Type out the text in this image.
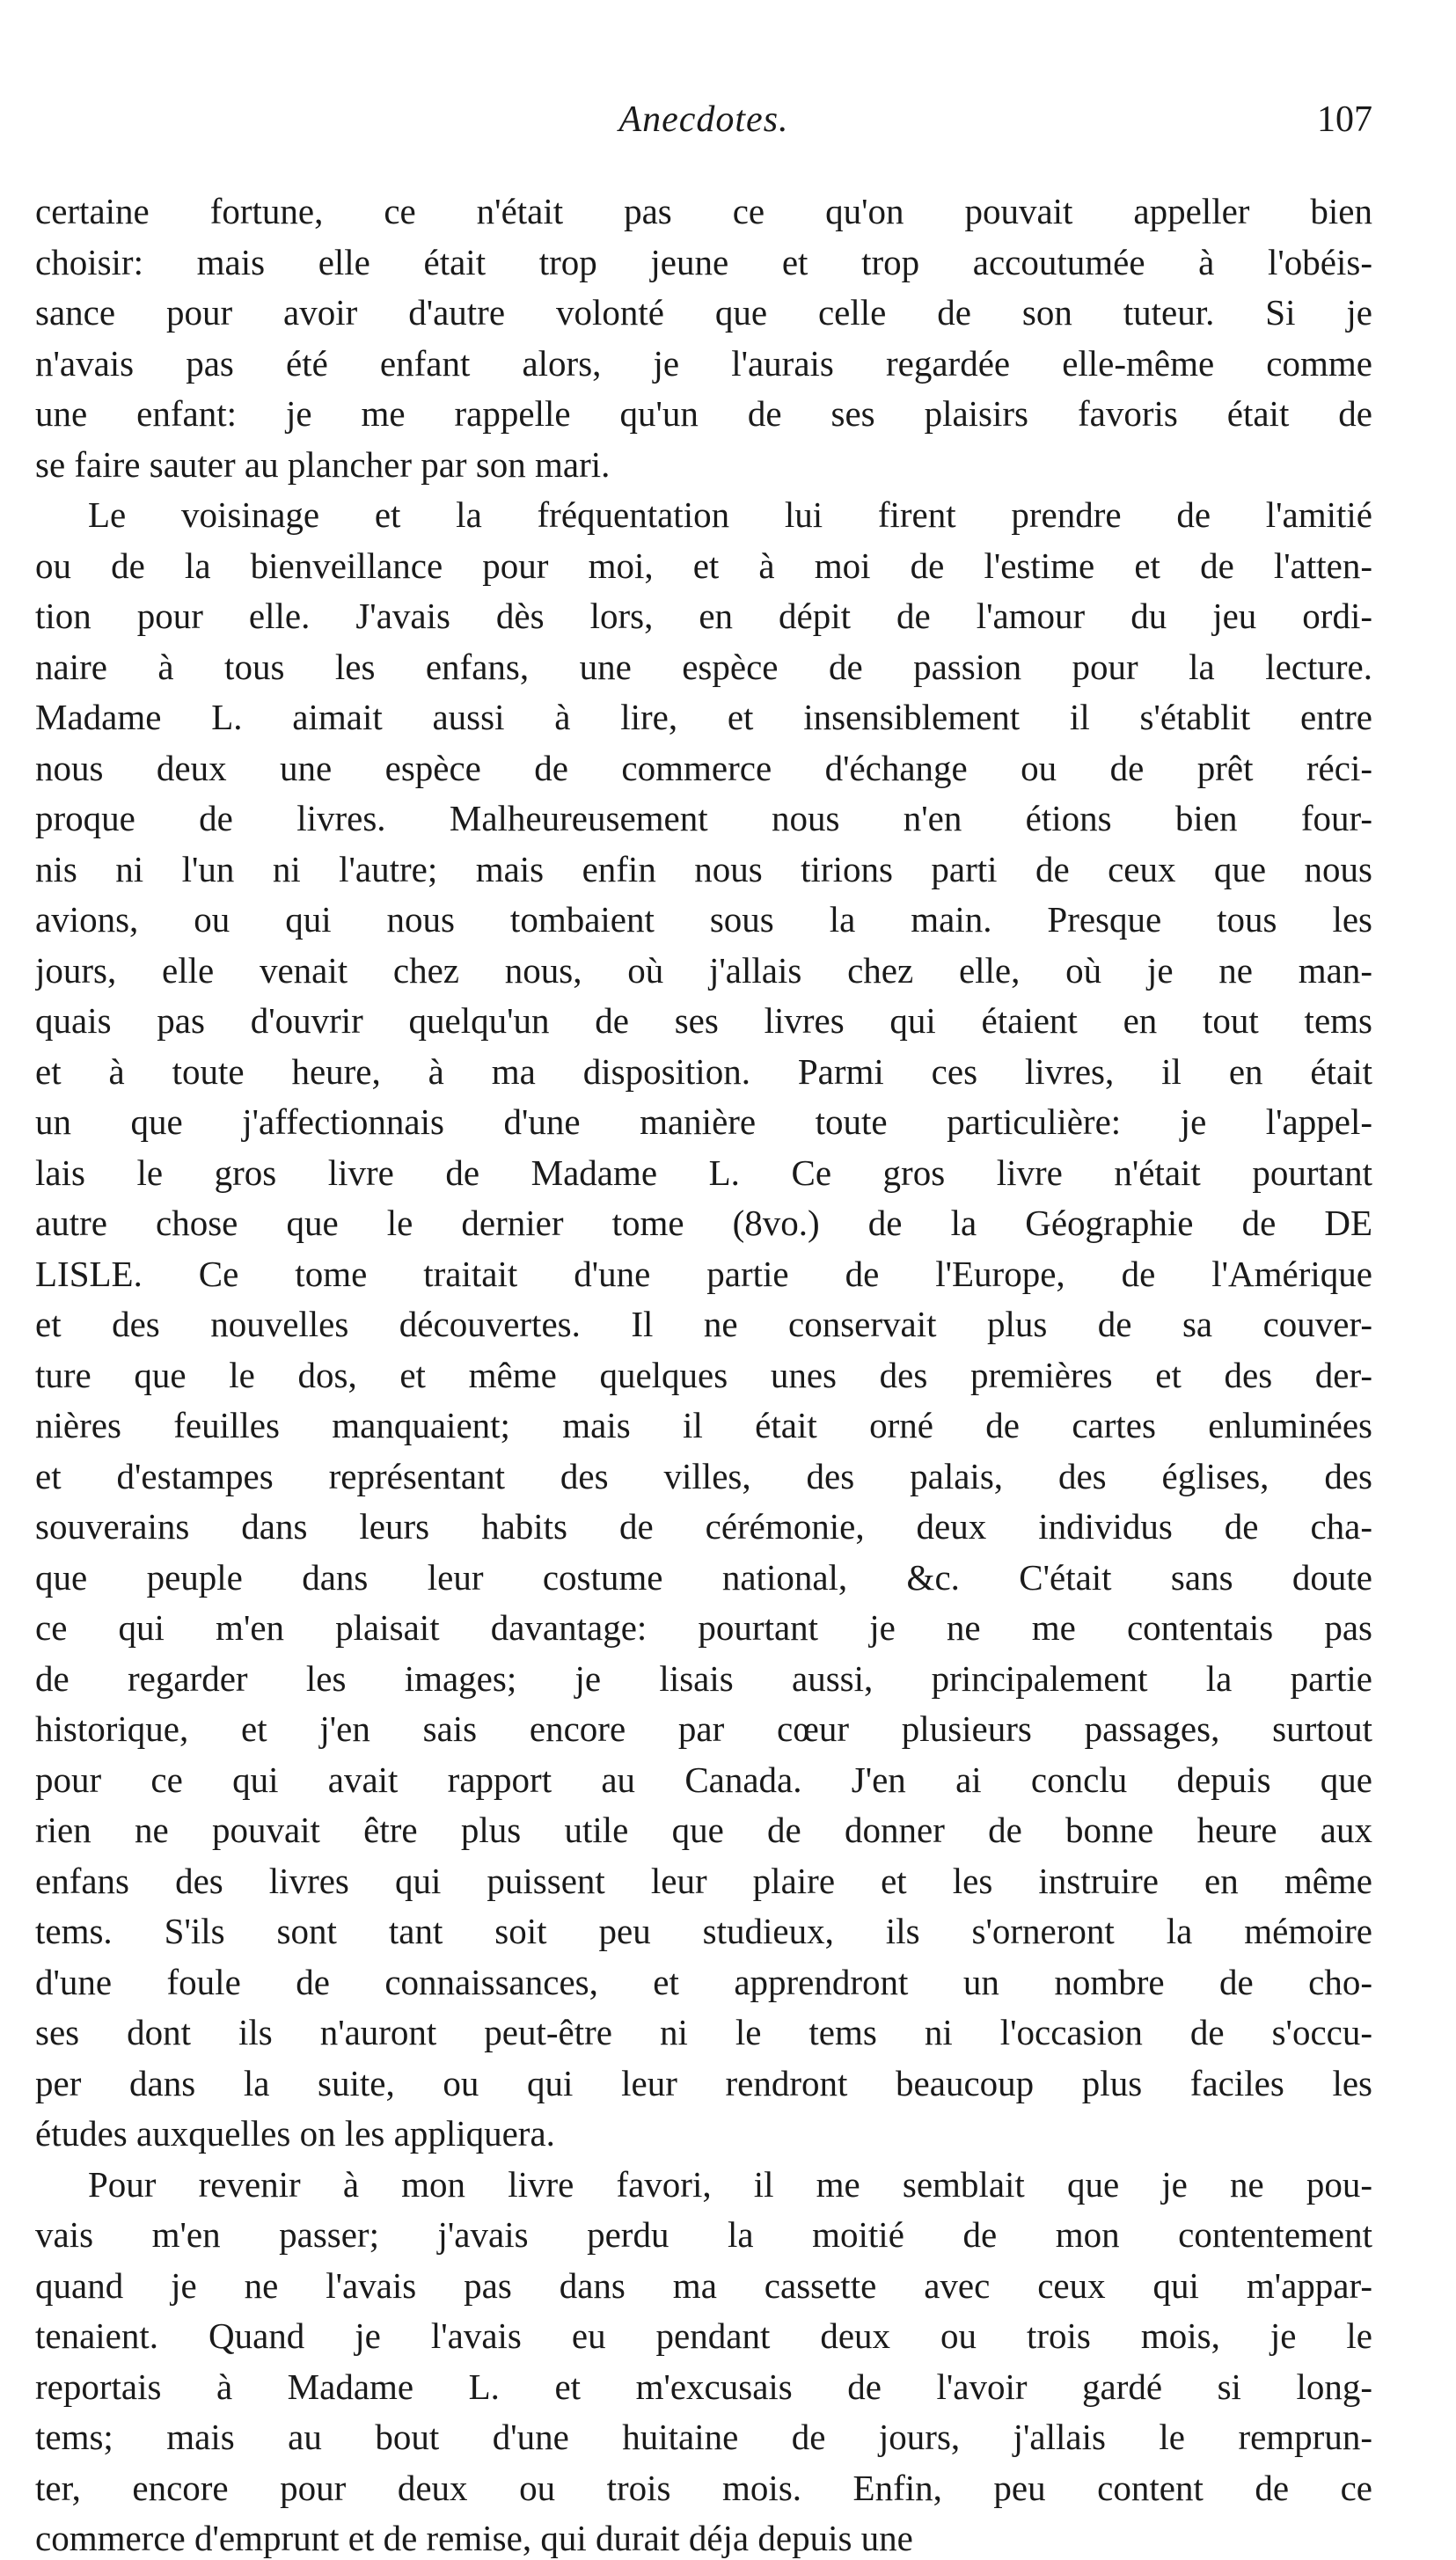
Anecdotes.	107
certaine fortune, ce n'était pas ce qu'on pouvait appeller bien
choisir: mais elle était trop jeune et trop accoutumée à l'obéis-
sance pour avoir d'autre volonté que celle de son tuteur. Si je
n'avais pas été enfant alors, je l'aurais regardée elle-même comme
une enfant: je me rappelle qu'un de ses plaisirs favoris était de
se faire sauter au plancher par son mari.
Le voisinage et la fréquentation lui firent prendre de l'amitié
ou de la bienveillance pour moi, et à moi de l'estime et de l'atten-
tion pour elle. J'avais dès lors, en dépit de l'amour du jeu ordi-
naire à tous les enfans, une espèce de passion pour la lecture.
Madame L. aimait aussi à lire, et insensiblement il s'établit entre
nous deux une espèce de commerce d'échange ou de prêt réci-
proque de livres. Malheureusement nous n'en étions bien four-
nis ni l'un ni l'autre; mais enfin nous tirions parti de ceux que nous
avions, ou qui nous tombaient sous la main. Presque tous les
jours, elle venait chez nous, où j'allais chez elle, où je ne man-
quais pas d'ouvrir quelqu'un de ses livres qui étaient en tout tems
et à toute heure, à ma disposition. Parmi ces livres, il en était
un que j'affectionnais d'une manière toute particulière: je l'appel-
lais le gros livre de Madame L. Ce gros livre n'était pourtant
autre chose que le dernier tome (8vo.) de la Géographie de DE
LISLE. Ce tome traitait d'une partie de l'Europe, de l'Amérique
et des nouvelles découvertes. Il ne conservait plus de sa couver-
ture que le dos, et même quelques unes des premières et des der-
nières feuilles manquaient; mais il était orné de cartes enluminées
et d'estampes représentant des villes, des palais, des églises, des
souverains dans leurs habits de cérémonie, deux individus de cha-
que peuple dans leur costume national, &c. C'était sans doute
ce qui m'en plaisait davantage: pourtant je ne me contentais pas
de regarder les images; je lisais aussi, principalement la partie
historique, et j'en sais encore par cœur plusieurs passages, surtout
pour ce qui avait rapport au Canada. J'en ai conclu depuis que
rien ne pouvait être plus utile que de donner de bonne heure aux
enfans des livres qui puissent leur plaire et les instruire en même
tems. S'ils sont tant soit peu studieux, ils s'orneront la mémoire
d'une foule de connaissances, et apprendront un nombre de cho-
ses dont ils n'auront peut-être ni le tems ni l'occasion de s'occu-
per dans la suite, ou qui leur rendront beaucoup plus faciles les
études auxquelles on les appliquera.
Pour revenir à mon livre favori, il me semblait que je ne pou-
vais m'en passer; j'avais perdu la moitié de mon contentement
quand je ne l'avais pas dans ma cassette avec ceux qui m'appar-
tenaient. Quand je l'avais eu pendant deux ou trois mois, je le
reportais à Madame L. et m'excusais de l'avoir gardé si long-
tems; mais au bout d'une huitaine de jours, j'allais le remprun-
ter, encore pour deux ou trois mois. Enfin, peu content de ce
commerce d'emprunt et de remise, qui durait déja depuis une
